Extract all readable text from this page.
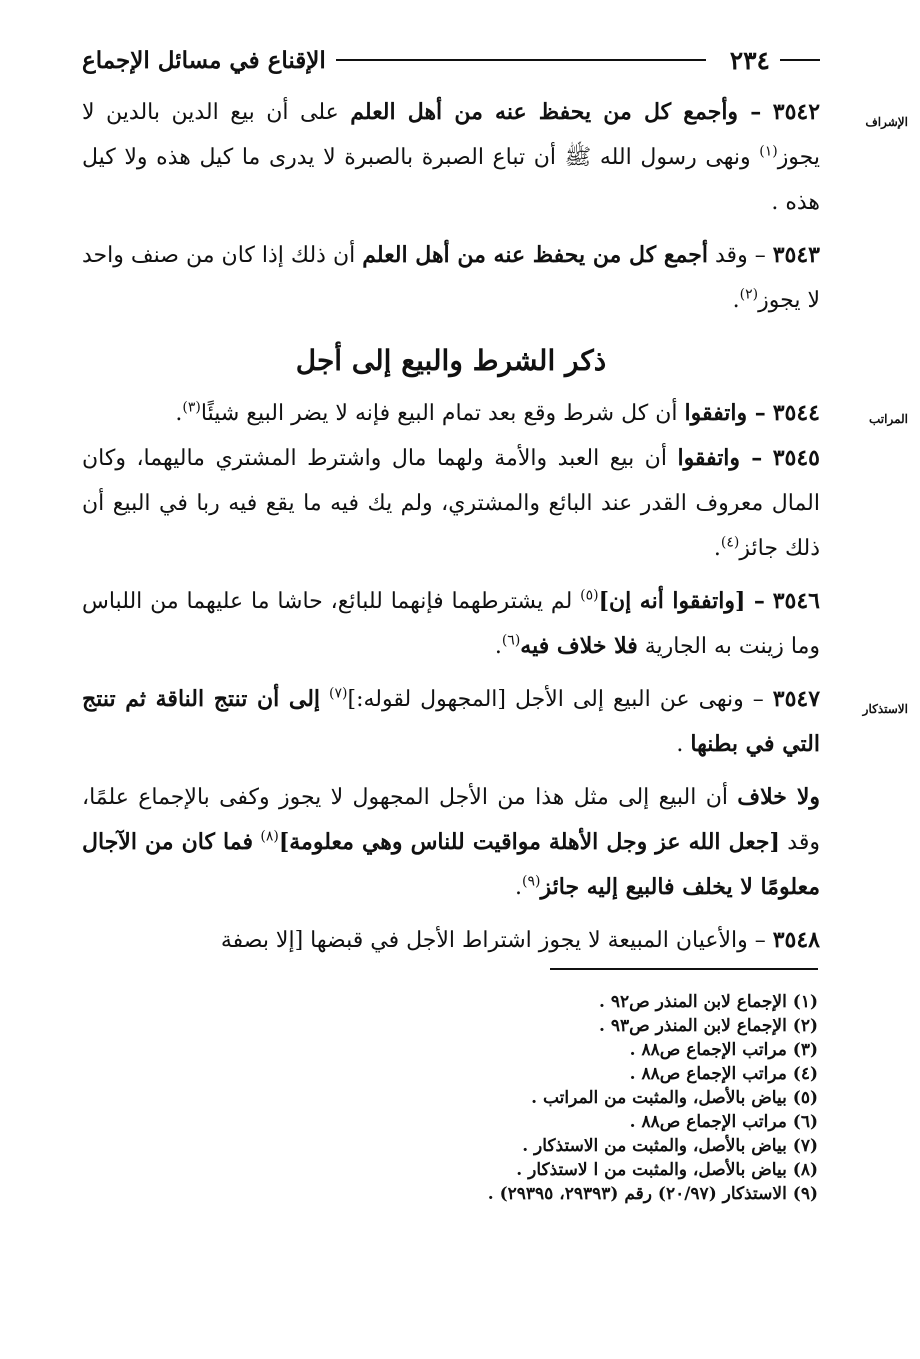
٢٣٤
الإقناع في مسائل الإجماع

الإشراف
٣٥٤٢ – وأجمع كل من يحفظ عنه من أهل العلم على أن بيع الدين بالدين لا يجوز$^{(١)}$ ونهى رسول الله ﷺ أن تباع الصبرة بالصبرة لا يدرى ما كيل هذه ولا كيل هذه .

٣٥٤٣ – وقد أجمع كل من يحفظ عنه من أهل العلم أن ذلك إذا كان من صنف واحد لا يجوز$^{(٢)}$.

ذكر الشرط والبيع إلى أجل

المراتب
٣٥٤٤ – واتفقوا أن كل شرط وقع بعد تمام البيع فإنه لا يضر البيع شيئًا$^{(٣)}$.

٣٥٤٥ – واتفقوا أن بيع العبد والأمة ولهما مال واشترط المشتري ماليهما، وكان المال معروف القدر عند البائع والمشتري، ولم يك فيه ما يقع فيه ربا في البيع أن ذلك جائز$^{(٤)}$.

٣٥٤٦ – [واتفقوا أنه إن]$^{(٥)}$ لم يشترطهما فإنهما للبائع، حاشا ما عليهما من اللباس وما زينت به الجارية فلا خلاف فيه$^{(٦)}$.

الاستذكار
٣٥٤٧ – ونهى عن البيع إلى الأجل [المجهول لقوله:]$^{(٧)}$ إلى أن تنتج الناقة ثم تنتج التي في بطنها .

ولا خلاف أن البيع إلى مثل هذا من الأجل المجهول لا يجوز وكفى بالإجماع علمًا، وقد [جعل الله عز وجل الأهلة مواقيت للناس وهي معلومة]$^{(٨)}$ فما كان من الآجال معلومًا لا يخلف فالبيع إليه جائز$^{(٩)}$.

٣٥٤٨ – والأعيان المبيعة لا يجوز اشتراط الأجل في قبضها [إلا بصفة

(١) الإجماع لابن المنذر ص٩٢ .
(٢) الإجماع لابن المنذر ص٩٣ .
(٣) مراتب الإجماع ص٨٨ .
(٤) مراتب الإجماع ص٨٨ .
(٥) بياض بالأصل، والمثبت من المراتب .
(٦) مراتب الإجماع ص٨٨ .
(٧) بياض بالأصل، والمثبت من الاستذكار .
(٨) بياض بالأصل، والمثبت من ا لاستذكار .
(٩) الاستذكار (٢٠/٩٧) رقم (٢٩٣٩٣، ٢٩٣٩٥) .
